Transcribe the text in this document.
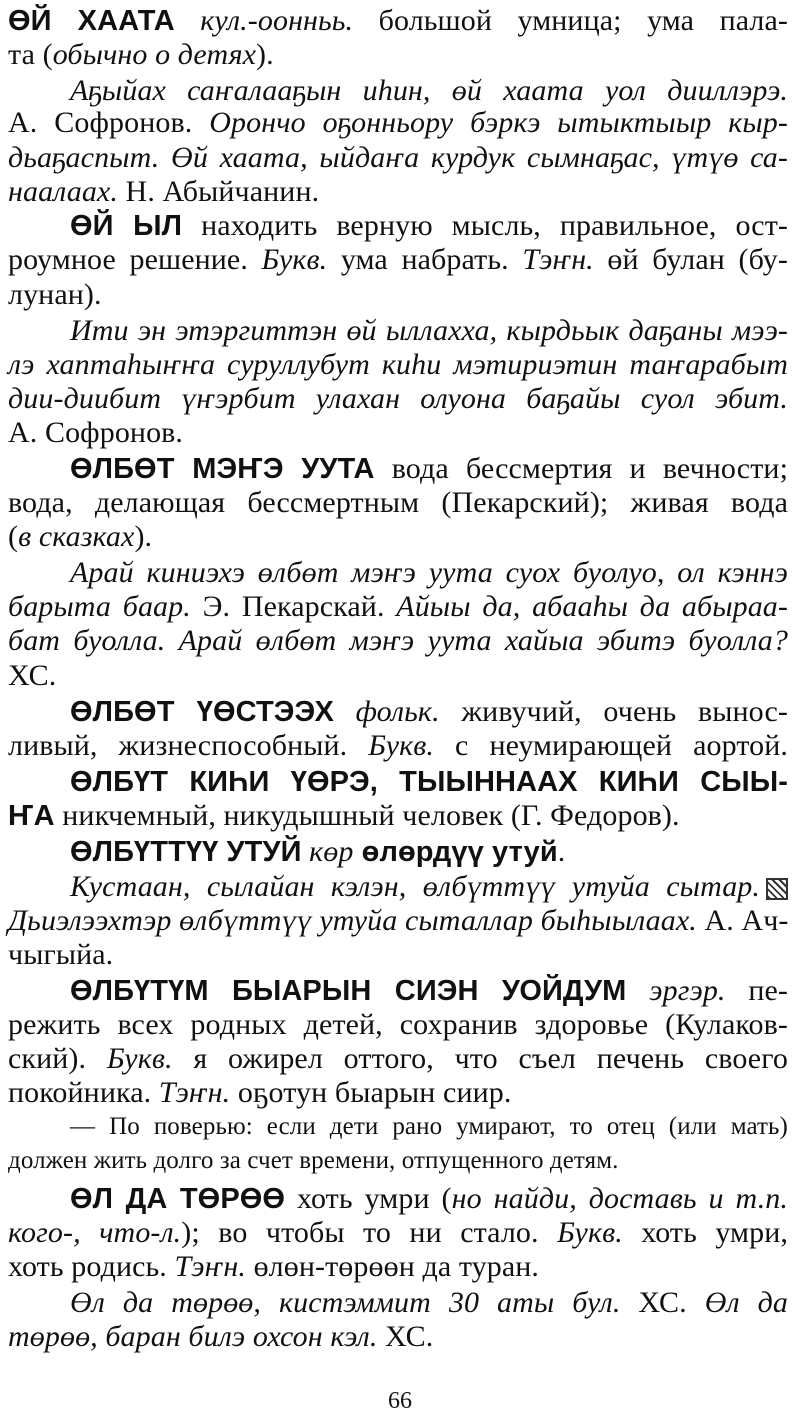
ӨЙ ХААТА кул.-оонньь. большой умница; ума пала-
та (обычно о детях).
Аҕыйах саҥалааҕын иһин, өй хаата уол дииллэрэ.
А. Софронов. Орончо оҕонньору бэркэ ытыктыыр кыр-
дьаҕаспыт. Өй хаата, ыйдаҥа курдук сымнаҕас, үтүө са-
наалаах. Н. Абыйчанин.
ӨЙ ЫЛ находить верную мысль, правильное, ост-
роумное решение. Букв. ума набрать. Тэҥн. өй булан (бу-
лунан).
Ити эн этэргиттэн өй ыллахха, кырдьык даҕаны мээ-
лэ хаптаһыҥҥа суруллубут киһи мэтириэтин таҥарабыт
дии-диибит үҥэрбит улахан олуона баҕайы суол эбит.
А. Софронов.
ӨЛБӨТ МЭҤЭ УУТА вода бессмертия и вечности;
вода, делающая бессмертным (Пекарский); живая вода
(в сказках).
Арай киниэхэ өлбөт мэҥэ уута суох буолуо, ол кэннэ
барыта баар. Э. Пекарскай. Айыы да, абааһы да абыраа-
бат буолла. Арай өлбөт мэҥэ уута хайыа эбитэ буолла?
ХС.
ӨЛБӨТ ҮӨСТЭЭХ фольк. живучий, очень вынос-
ливый, жизнеспособный. Букв. с неумирающей аортой.
ӨЛБҮТ КИҺИ ҮӨРЭ, ТЫЫННААХ КИҺИ СЫЫ-
ҤА никчемный, никудышный человек (Г. Федоров).
ӨЛБҮТТҮҮ УТУЙ көр өлөрдүү утуй.
Кустаан, сылайан кэлэн, өлбүттүү утуйа сытар.
Дьиэлээхтэр өлбүттүү утуйа сыталлар быһыылаах. А. Ач-
чыгыйа.
ӨЛБҮТҮМ БЫАРЫН СИЭН УОЙДУМ эргэр. пе-
режить всех родных детей, сохранив здоровье (Кулаков-
ский). Букв. я ожирел оттого, что съел печень своего
покойника. Тэҥн. оҕотун быарын сиир.
— По поверью: если дети рано умирают, то отец (или мать)
должен жить долго за счет времени, отпущенного детям.
ӨЛ ДА ТӨРӨӨ хоть умри (но найди, доставь и т.п.
кого-, что-л.); во чтобы то ни стало. Букв. хоть умри,
хоть родись. Тэҥн. өлөн-төрөөн да туран.
Өл да төрөө, кистэммит 30 аты бул. ХС. Өл да
төрөө, баран билэ охсон кэл. ХС.
66
